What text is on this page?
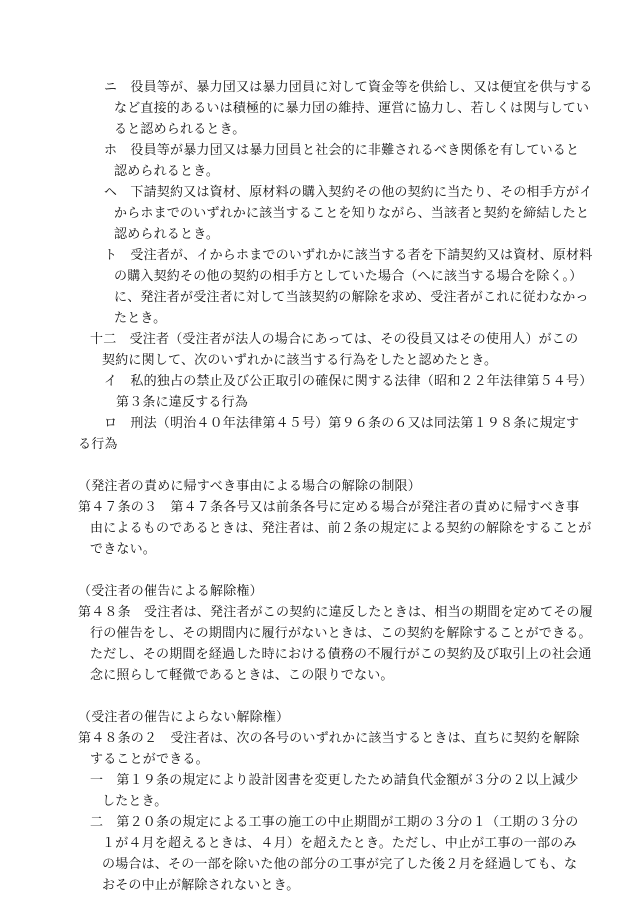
ニ　役員等が、暴力団又は暴力団員に対して資金等を供給し、又は便宜を供与する
など直接的あるいは積極的に暴力団の維持、運営に協力し、若しくは関与してい
ると認められるとき。
ホ　役員等が暴力団又は暴力団員と社会的に非難されるべき関係を有していると
認められるとき。
ヘ　下請契約又は資材、原材料の購入契約その他の契約に当たり、その相手方がイ
からホまでのいずれかに該当することを知りながら、当該者と契約を締結したと
認められるとき。
ト　受注者が、イからホまでのいずれかに該当する者を下請契約又は資材、原材料
の購入契約その他の契約の相手方としていた場合（へに該当する場合を除く。）
に、発注者が受注者に対して当該契約の解除を求め、受注者がこれに従わなかっ
たとき。
十二　受注者（受注者が法人の場合にあっては、その役員又はその使用人）がこの
契約に関して、次のいずれかに該当する行為をしたと認めたとき。
イ　私的独占の禁止及び公正取引の確保に関する法律（昭和２２年法律第５４号）
第３条に違反する行為
ロ　刑法（明治４０年法律第４５号）第９６条の６又は同法第１９８条に規定す
る行為
（発注者の責めに帰すべき事由による場合の解除の制限）
第４７条の３　第４７条各号又は前条各号に定める場合が発注者の責めに帰すべき事
由によるものであるときは、発注者は、前２条の規定による契約の解除をすることが
できない。
（受注者の催告による解除権）
第４８条　受注者は、発注者がこの契約に違反したときは、相当の期間を定めてその履
行の催告をし、その期間内に履行がないときは、この契約を解除することができる。
ただし、その期間を経過した時における債務の不履行がこの契約及び取引上の社会通
念に照らして軽微であるときは、この限りでない。
（受注者の催告によらない解除権）
第４８条の２　受注者は、次の各号のいずれかに該当するときは、直ちに契約を解除
することができる。
一　第１９条の規定により設計図書を変更したため請負代金額が３分の２以上減少
したとき。
二　第２０条の規定による工事の施工の中止期間が工期の３分の１（工期の３分の
１が４月を超えるときは、４月）を超えたとき。ただし、中止が工事の一部のみ
の場合は、その一部を除いた他の部分の工事が完了した後２月を経過しても、な
おその中止が解除されないとき。
